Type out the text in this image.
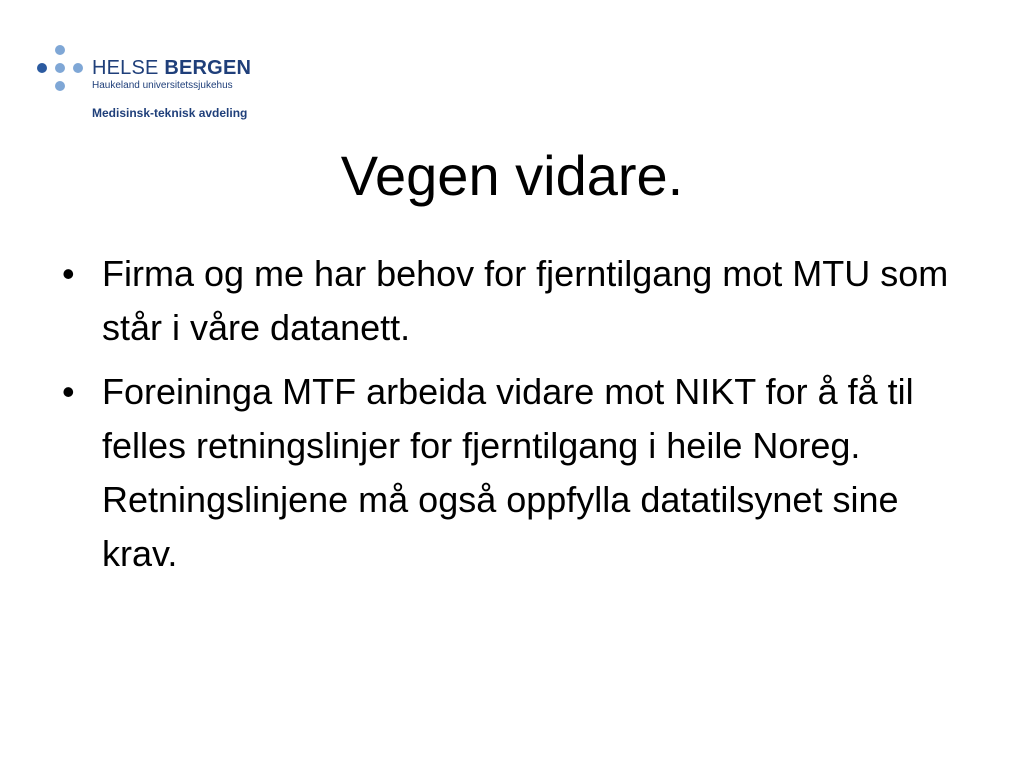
HELSE BERGEN
Haukeland universitetssjukehus
Medisinsk-teknisk avdeling
Vegen vidare.
• Firma og me har behov for fjerntilgang mot MTU som står i våre datanett.
• Foreininga MTF arbeida vidare mot NIKT for å få til felles retningslinjer for fjerntilgang i heile Noreg. Retningslinjene må også oppfylla datatilsynet sine krav.
